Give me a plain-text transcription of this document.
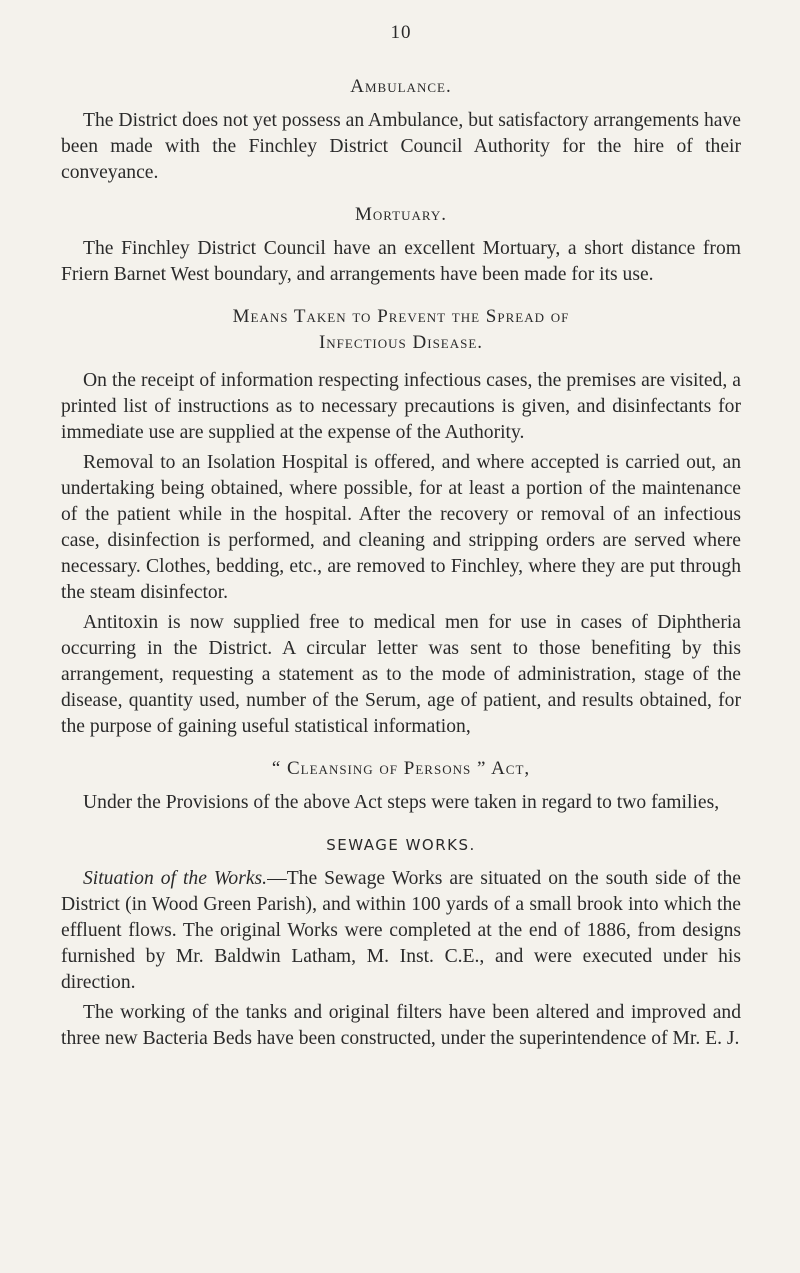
10
Ambulance.

The District does not yet possess an Ambulance, but satisfactory arrangements have been made with the Finchley District Council Authority for the hire of their conveyance.

Mortuary.

The Finchley District Council have an excellent Mortuary, a short distance from Friern Barnet West boundary, and arrangements have been made for its use.

Means Taken to Prevent the Spread of
Infectious Disease.

On the receipt of information respecting infectious cases, the premises are visited, a printed list of instructions as to necessary precautions is given, and disinfectants for immediate use are supplied at the expense of the Authority.

Removal to an Isolation Hospital is offered, and where accepted is carried out, an undertaking being obtained, where possible, for at least a portion of the maintenance of the patient while in the hospital. After the recovery or removal of an infectious case, disinfection is performed, and cleaning and stripping orders are served where necessary. Clothes, bedding, etc., are removed to Finchley, where they are put through the steam disinfector.

Antitoxin is now supplied free to medical men for use in cases of Diphtheria occurring in the District. A circular letter was sent to those benefiting by this arrangement, requesting a statement as to the mode of administration, stage of the disease, quantity used, number of the Serum, age of patient, and results obtained, for the purpose of gaining useful statistical information,

“ Cleansing of Persons ” Act,

Under the Provisions of the above Act steps were taken in regard to two families,

SEWAGE WORKS.

Situation of the Works.—The Sewage Works are situated on the south side of the District (in Wood Green Parish), and within 100 yards of a small brook into which the effluent flows. The original Works were completed at the end of 1886, from designs furnished by Mr. Baldwin Latham, M. Inst. C.E., and were executed under his direction.

The working of the tanks and original filters have been altered and improved and three new Bacteria Beds have been constructed, under the superintendence of Mr. E. J.
